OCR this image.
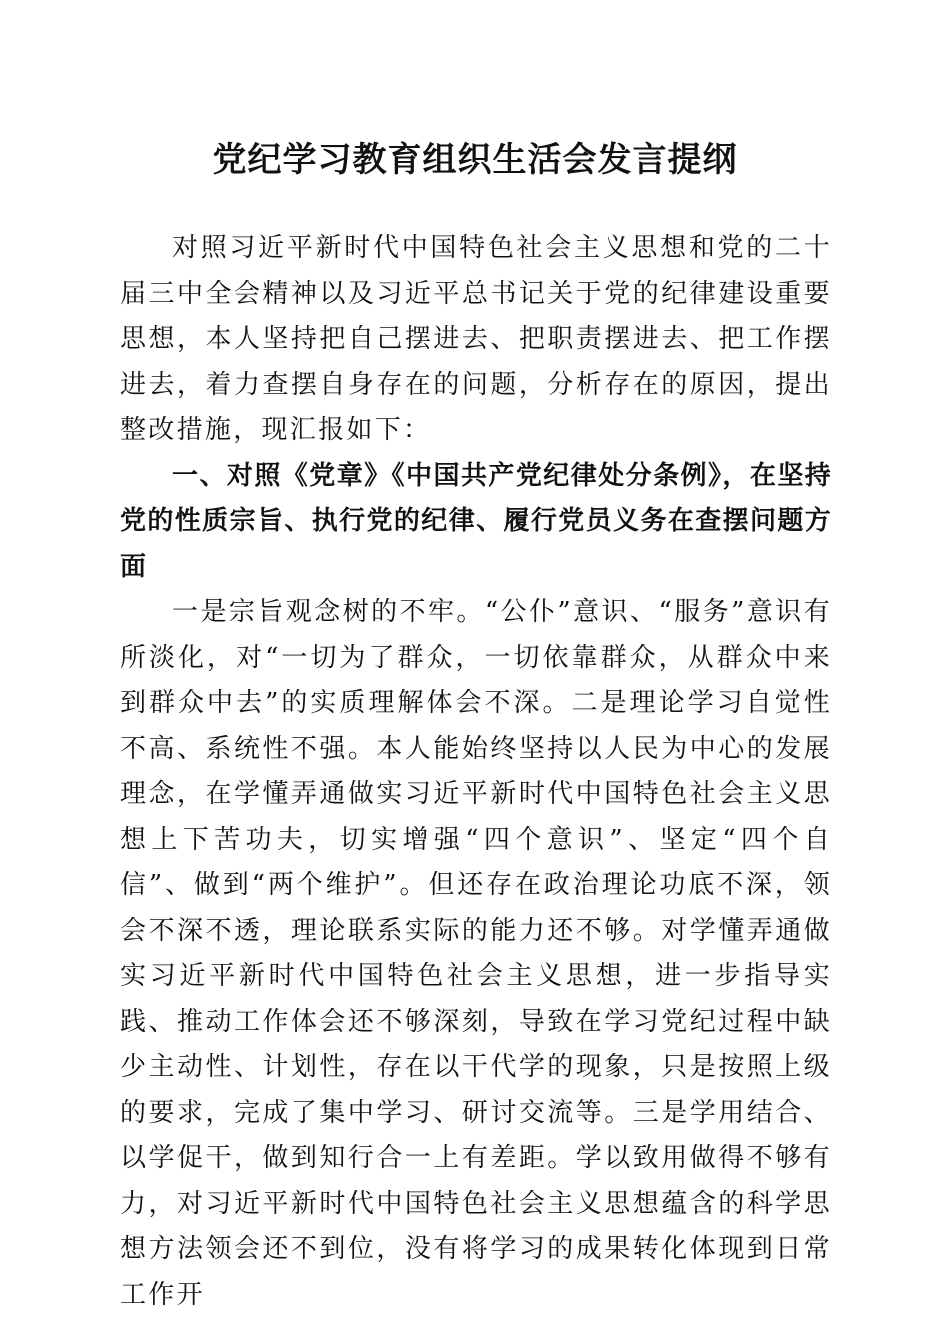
党纪学习教育组织生活会发言提纲

对照习近平新时代中国特色社会主义思想和党的二十届三中全会精神以及习近平总书记关于党的纪律建设重要思想，本人坚持把自己摆进去、把职责摆进去、把工作摆进去，着力查摆自身存在的问题，分析存在的原因，提出整改措施，现汇报如下：

一、对照《党章》《中国共产党纪律处分条例》，在坚持党的性质宗旨、执行党的纪律、履行党员义务在查摆问题方面

一是宗旨观念树的不牢。“公仆”意识、“服务”意识有所淡化，对“一切为了群众，一切依靠群众，从群众中来到群众中去”的实质理解体会不深。二是理论学习自觉性不高、系统性不强。本人能始终坚持以人民为中心的发展理念，在学懂弄通做实习近平新时代中国特色社会主义思想上下苦功夫，切实增强“四个意识”、坚定“四个自信”、做到“两个维护”。但还存在政治理论功底不深，领会不深不透，理论联系实际的能力还不够。对学懂弄通做实习近平新时代中国特色社会主义思想，进一步指导实践、推动工作体会还不够深刻，导致在学习党纪过程中缺少主动性、计划性，存在以干代学的现象，只是按照上级的要求，完成了集中学习、研讨交流等。三是学用结合、以学促干，做到知行合一上有差距。学以致用做得不够有力，对习近平新时代中国特色社会主义思想蕴含的科学思想方法领会还不到位，没有将学习的成果转化体现到日常工作开
